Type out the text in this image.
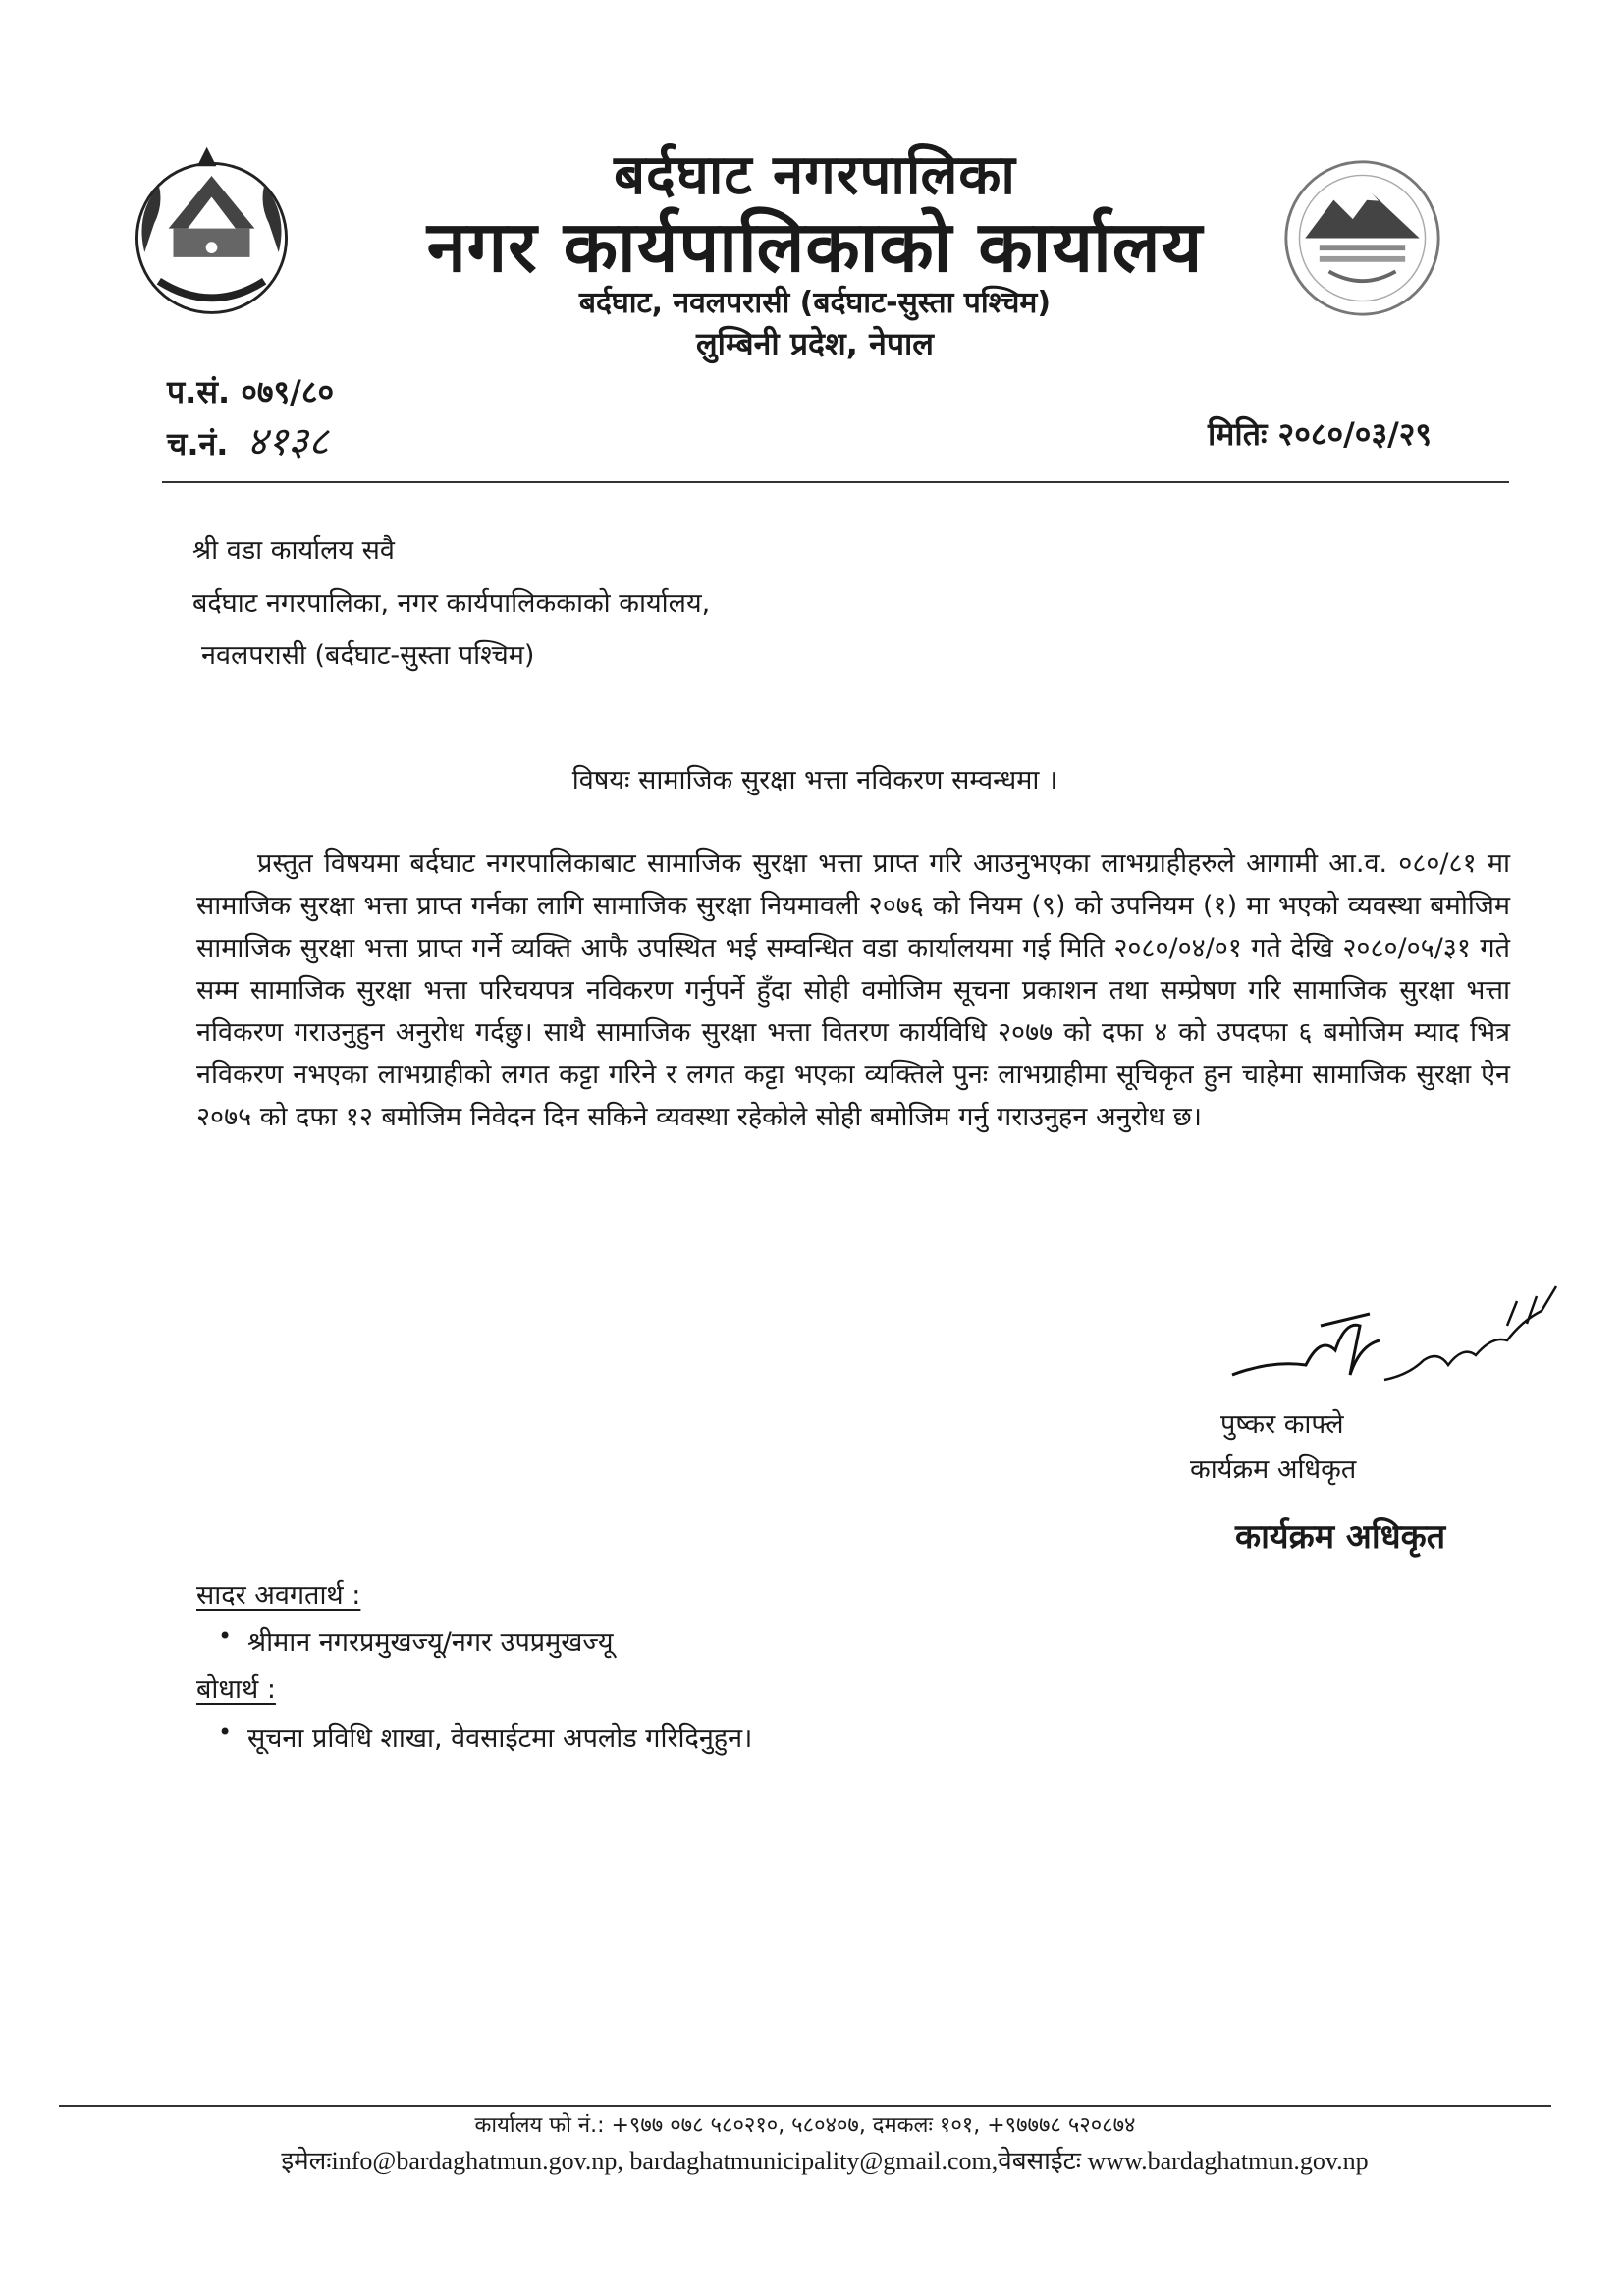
बर्दघाट नगरपालिका
नगर कार्यपालिकाको कार्यालय
बर्दघाट, नवलपरासी (बर्दघाट-सुस्ता पश्चिम)
लुम्बिनी प्रदेश, नेपाल
प.सं. ०७९/८०
च.नं. ४१३८	मितिः २०८०/०३/२९
श्री वडा कार्यालय सवै
बर्दघाट नगरपालिका, नगर कार्यपालिककाको कार्यालय,
नवलपरासी (बर्दघाट-सुस्ता पश्चिम)
विषयः सामाजिक सुरक्षा भत्ता नविकरण सम्वन्धमा ।
प्रस्तुत विषयमा बर्दघाट नगरपालिकाबाट सामाजिक सुरक्षा भत्ता प्राप्त गरि आउनुभएका लाभग्राहीहरुले आगामी आ.व. ०८०/८१ मा सामाजिक सुरक्षा भत्ता प्राप्त गर्नका लागि सामाजिक सुरक्षा नियमावली २०७६ को नियम (९) को उपनियम (१) मा भएको व्यवस्था बमोजिम सामाजिक सुरक्षा भत्ता प्राप्त गर्ने व्यक्ति आफै उपस्थित भई सम्वन्धित वडा कार्यालयमा गई मिति २०८०/०४/०१ गते देखि २०८०/०५/३१ गते सम्म सामाजिक सुरक्षा भत्ता परिचयपत्र नविकरण गर्नुपर्ने हुँदा सोही वमोजिम सूचना प्रकाशन तथा सम्प्रेषण गरि सामाजिक सुरक्षा भत्ता नविकरण गराउनुहुन अनुरोध गर्दछु। साथै सामाजिक सुरक्षा भत्ता वितरण कार्यविधि २०७७ को दफा ४ को उपदफा ६ बमोजिम म्याद भित्र नविकरण नभएका लाभग्राहीको लगत कट्टा गरिने र लगत कट्टा भएका व्यक्तिले पुनः लाभग्राहीमा सूचिकृत हुन चाहेमा सामाजिक सुरक्षा ऐन २०७५ को दफा १२ बमोजिम निवेदन दिन सकिने व्यवस्था रहेकोले सोही बमोजिम गर्नु गराउनुहन अनुरोध छ।
पुष्कर काफ्ले
कार्यक्रम अधिकृत
कार्यक्रम अधिकृत
सादर अवगतार्थ :
• श्रीमान नगरप्रमुखज्यू/नगर उपप्रमुखज्यू
बोधार्थ :
• सूचना प्रविधि शाखा, वेवसाईटमा अपलोड गरिदिनुहुन।
कार्यालय फो नं.: +९७७ ०७८ ५८०२१०, ५८०४०७, दमकलः १०१, +९७७७८ ५२०८७४
इमेलःinfo@bardaghatmun.gov.np, bardaghatmunicipality@gmail.com,वेबसाईटः www.bardaghatmun.gov.np
